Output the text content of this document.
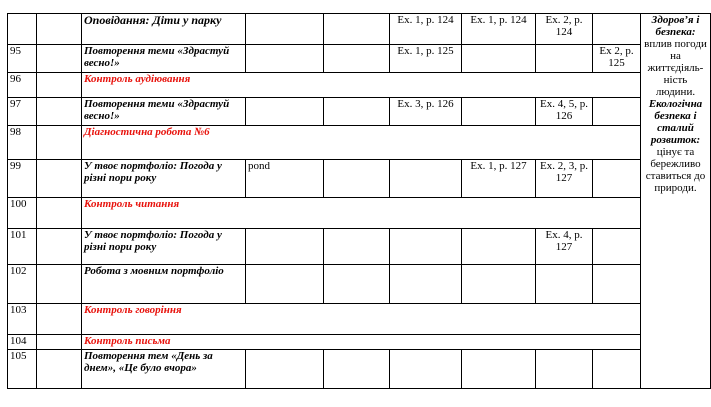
		Оповідання: Діти у парку			Ex. 1, p. 124	Ex. 1, p. 124	Ex. 2, p. 124		Здоров’я і безпека: вплив погоди на життєдіяль-ність людини.
Екологічна безпека і сталий розвиток: цінує та бережливо ставиться до природи.
95		Повторення теми «Здрастуй весно!»			Ex. 1, p. 125			Ex 2, p. 125	
96		Контроль аудіювання							
97		Повторення теми «Здрастуй весно!»			Ex. 3, p. 126		Ex. 4, 5, p. 126		
98		Діагностична робота №6							
99		У твоє портфоліо: Погода у різні пори року	pond			Ex. 1, p. 127	Ex. 2, 3, p. 127		
100		Контроль читання							
101		У твоє портфоліо: Погода у різні пори року					Ex. 4, p. 127		
102		Робота з мовним портфоліо							
103		Контроль говоріння							
104		Контроль письма							
105		Повторення тем «День за днем», «Це було вчора»							
